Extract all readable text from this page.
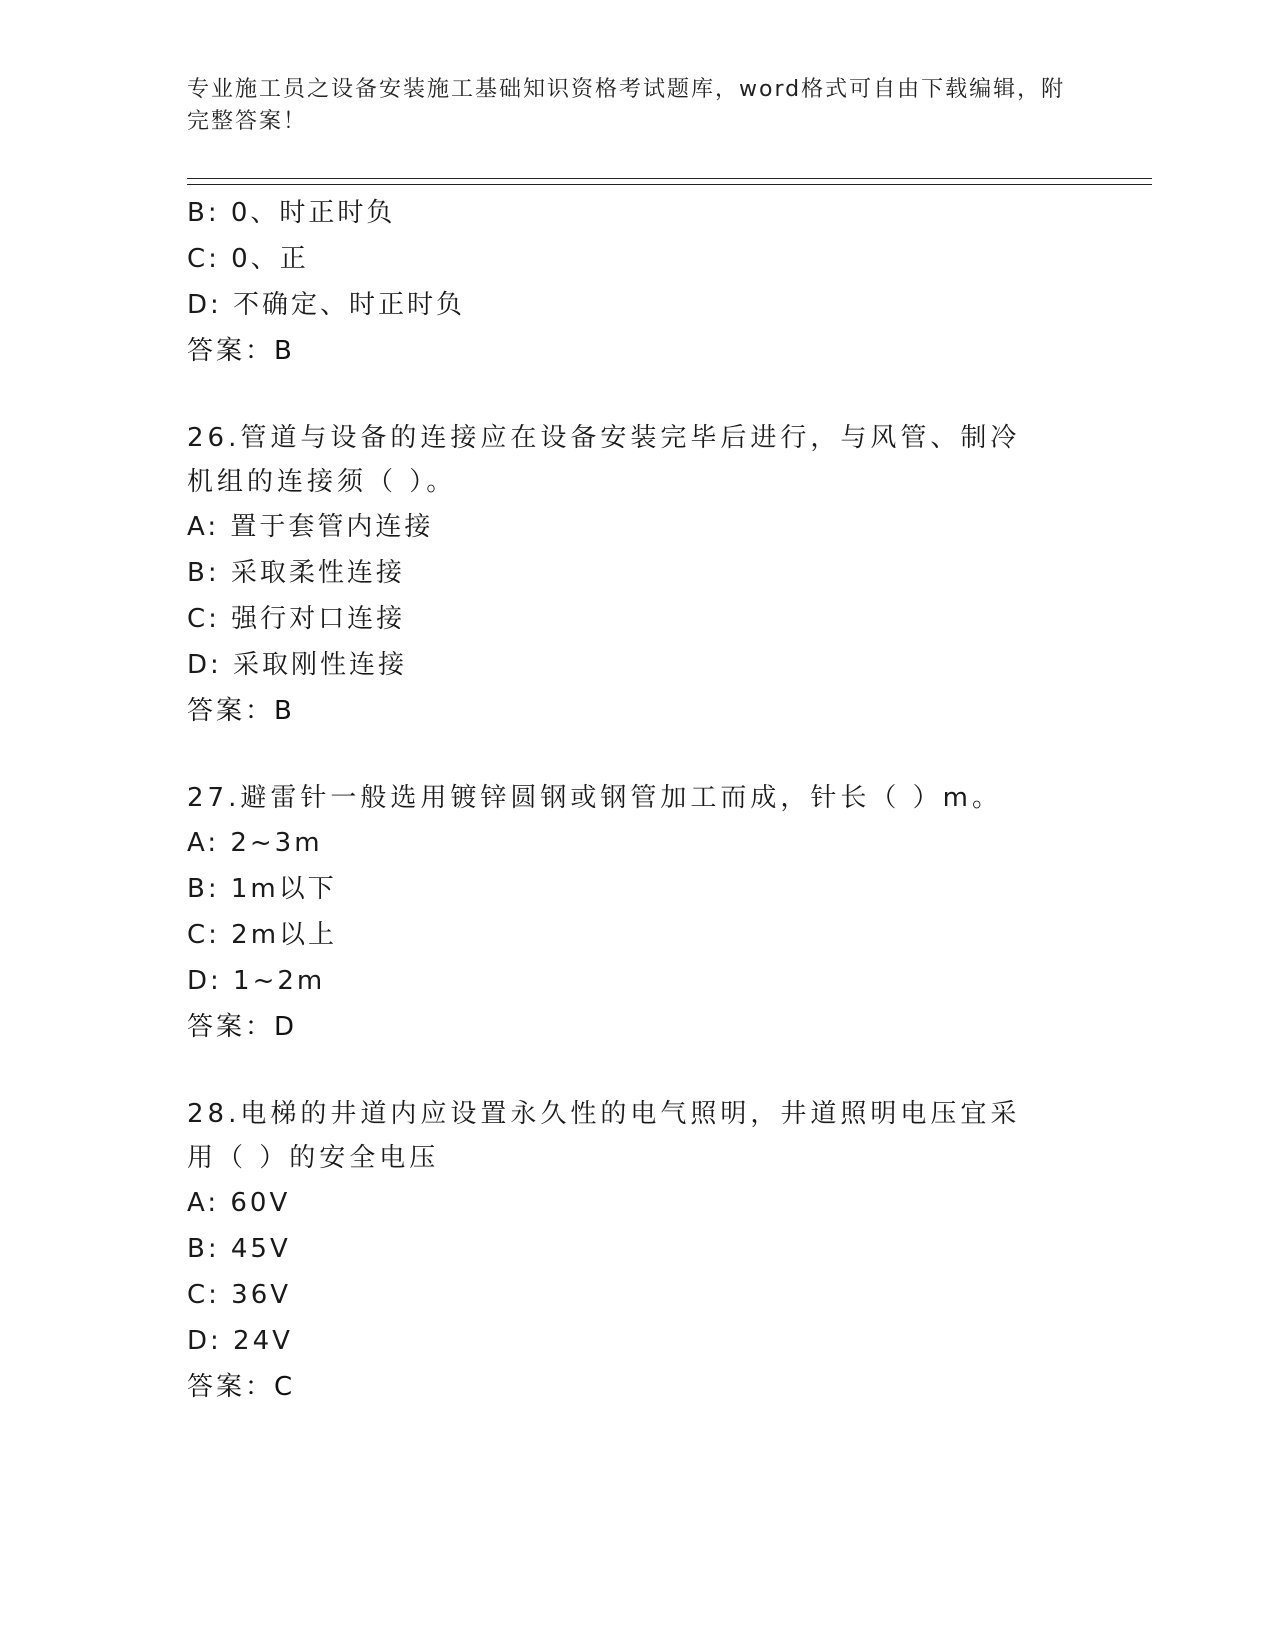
专业施工员之设备安装施工基础知识资格考试题库，word格式可自由下载编辑，附完整答案！
B: 0、时正时负
C: 0、正
D: 不确定、时正时负
答案：B
26.管道与设备的连接应在设备安装完毕后进行，与风管、制冷机组的连接须（ ）。
A: 置于套管内连接
B: 采取柔性连接
C: 强行对口连接
D: 采取刚性连接
答案：B
27.避雷针一般选用镀锌圆钢或钢管加工而成，针长（ ）m。
A: 2~3m
B: 1m以下
C: 2m以上
D: 1~2m
答案：D
28.电梯的井道内应设置永久性的电气照明，井道照明电压宜采用（ ）的安全电压
A: 60V
B: 45V
C: 36V
D: 24V
答案：C
